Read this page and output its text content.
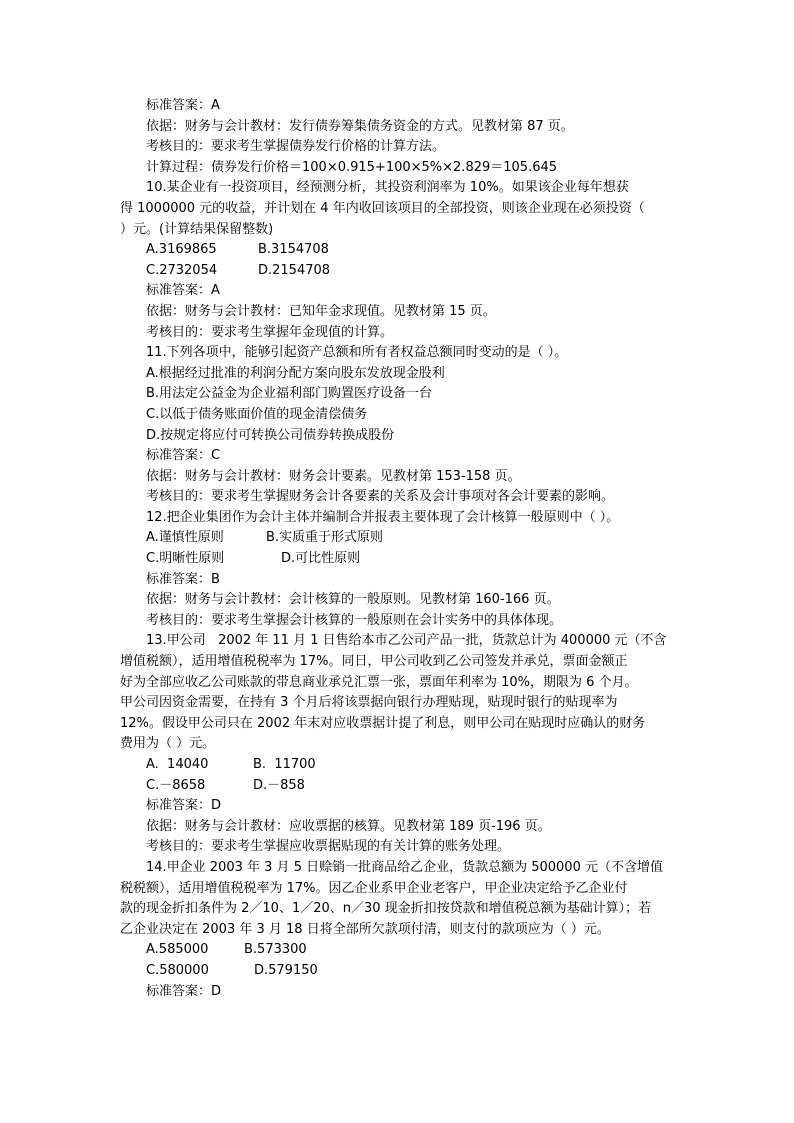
标准答案：A
依据：财务与会计教材：发行债券筹集债务资金的方式。见教材第 87 页。
考核目的：要求考生掌握债券发行价格的计算方法。
计算过程：债券发行价格＝100×0.915+100×5%×2.829＝105.645
10.某企业有一投资项目，经预测分析，其投资利润率为 10%。如果该企业每年想获
得 1000000 元的收益，并计划在 4 年内收回该项目的全部投资，则该企业现在必须投资（
）元。(计算结果保留整数)
A.3169865	B.3154708
C.2732054	D.2154708
标准答案：A
依据：财务与会计教材：已知年金求现值。见教材第 15 页。
考核目的：要求考生掌握年金现值的计算。
11.下列各项中，能够引起资产总额和所有者权益总额同时变动的是（ ）。
A.根据经过批准的利润分配方案向股东发放现金股利
B.用法定公益金为企业福利部门购置医疗设备一台
C.以低于债务账面价值的现金清偿债务
D.按规定将应付可转换公司债券转换成股份
标准答案：C
依据：财务与会计教材：财务会计要素。见教材第 153-158 页。
考核目的：要求考生掌握财务会计各要素的关系及会计事项对各会计要素的影响。
12.把企业集团作为会计主体并编制合并报表主要体现了会计核算一般原则中（ ）。
A.谨慎性原则	B.实质重于形式原则
C.明晰性原则	D.可比性原则
标准答案：B
依据：财务与会计教材：会计核算的一般原则。见教材第 160-166 页。
考核目的：要求考生掌握会计核算的一般原则在会计实务中的具体体现。
13.甲公司   2002 年 11 月 1 日售给本市乙公司产品一批，货款总计为 400000 元（不含
增值税额），适用增值税税率为 17%。同日，甲公司收到乙公司签发并承兑，票面金额正
好为全部应收乙公司账款的带息商业承兑汇票一张，票面年利率为 10%，期限为 6 个月。
甲公司因资金需要，在持有 3 个月后将该票据向银行办理贴现，贴现时银行的贴现率为
12%。假设甲公司只在 2002 年末对应收票据计提了利息，则甲公司在贴现时应确认的财务
费用为（ ）元。
A.  14040	B.  11700
C.－8658	D.－858
标准答案：D
依据：财务与会计教材：应收票据的核算。见教材第 189 页-196 页。
考核目的：要求考生掌握应收票据贴现的有关计算的账务处理。
14.甲企业 2003 年 3 月 5 日赊销一批商品给乙企业，货款总额为 500000 元（不含增值
税税额），适用增值税税率为 17%。因乙企业系甲企业老客户，甲企业决定给予乙企业付
款的现金折扣条件为 2／10、1／20、n／30 现金折扣按贷款和增值税总额为基础计算）；若
乙企业决定在 2003 年 3 月 18 日将全部所欠款项付清，则支付的款项应为（ ）元。
A.585000	B.573300
C.580000	D.579150
标准答案：D
